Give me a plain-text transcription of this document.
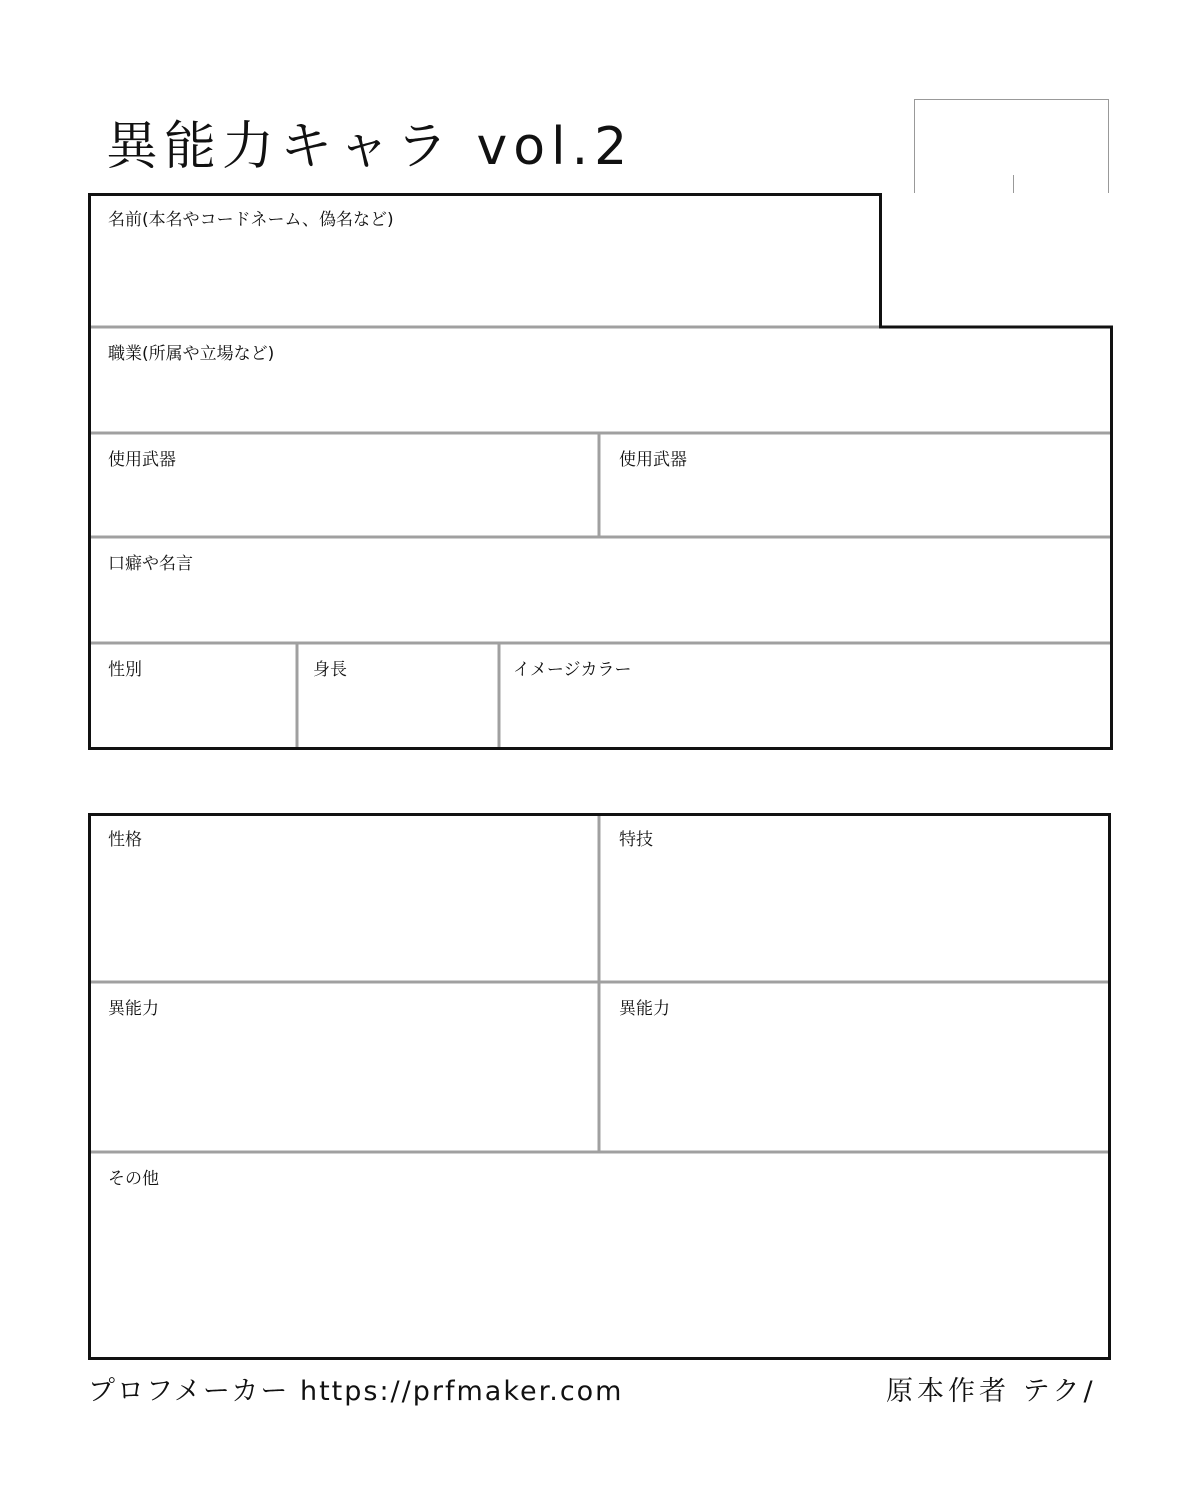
異能力キャラ vol.2
名前(本名やコードネーム、偽名など)
職業(所属や立場など)
使用武器	使用武器
口癖や名言
性別	身長	イメージカラー
性格	特技
異能力	異能力
その他
プロフメーカー https://prfmaker.com	原本作者 テク/
